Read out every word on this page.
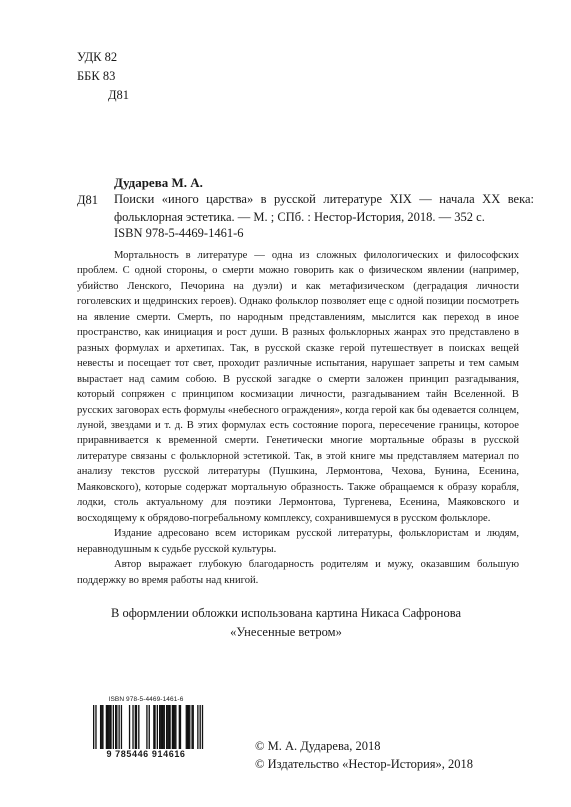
УДК 82
ББК 83
Д81
Дударева М. А.
Д81 Поиски «иного царства» в русской литературе XIX — начала XX века: фольклорная эстетика. — М. ; СПб. : Нестор-История, 2018. — 352 с.
ISBN 978-5-4469-1461-6

Мортальность в литературе — одна из сложных филологических и философских проблем. С одной стороны, о смерти можно говорить как о физическом явлении (например, убийство Ленского, Печорина на дуэли) и как метафизическом (деградация личности гоголевских и щедринских героев). Однако фольклор позволяет еще с одной позиции посмотреть на явление смерти. Смерть, по народным представлениям, мыслится как переход в иное пространство, как инициация и рост души. В разных фольклорных жанрах это представлено в разных формулах и архетипах. Так, в русской сказке герой путешествует в поисках вещей невесты и посещает тот свет, проходит различные испытания, нарушает запреты и тем самым вырастает над самим собою. В русской загадке о смерти заложен принцип разгадывания, который сопряжен с принципом космизации личности, разгадыванием тайн Вселенной. В русских заговорах есть формулы «небесного ограждения», когда герой как бы одевается солнцем, луной, звездами и т. д. В этих формулах есть состояние порога, пересечение границы, которое приравнивается к временной смерти. Генетически многие мортальные образы в русской литературе связаны с фольклорной эстетикой. Так, в этой книге мы представляем материал по анализу текстов русской литературы (Пушкина, Лермонтова, Чехова, Бунина, Есенина, Маяковского), которые содержат мортальную образность. Также обращаемся к образу корабля, лодки, столь актуальному для поэтики Лермонтова, Тургенева, Есенина, Маяковского и восходящему к обрядово-погребальному комплексу, сохранившемуся в русском фольклоре.

Издание адресовано всем историкам русской литературы, фольклористам и людям, неравнодушным к судьбе русской культуры.

Автор выражает глубокую благодарность родителям и мужу, оказавшим большую поддержку во время работы над книгой.

В оформлении обложки использована картина Никаса Сафронова
«Унесенные ветром»
ISBN 978-5-4469-1461-6
9 785446 914616
© М. А. Дударева, 2018
© Издательство «Нестор-История», 2018
